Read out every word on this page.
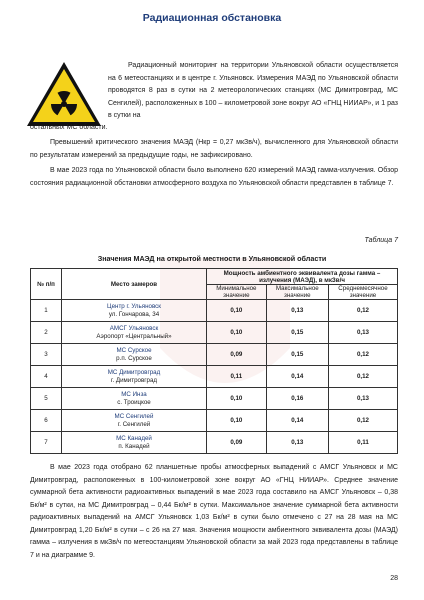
Радиационная обстановка
Радиационный мониторинг на территории Ульяновской области осуществляется на 6 метеостанциях и в центре г. Ульяновск. Измерения МАЭД по Ульяновской области проводятся 8 раз в сутки на 2 метеорологических станциях (МС Димитровград, МС Сенгилей), расположенных в 100 – километровой зоне вокруг АО «ГНЦ НИИАР», и 1 раз в сутки на
остальных МС области.
Превышений критического значения МАЭД (Нкр = 0,27 мкЗв/ч), вычисленного для Ульяновской области по результатам измерений за предыдущие годы, не зафиксировано.
В мае 2023 года по Ульяновской области было выполнено 620 измерений МАЭД гамма-излучения. Обзор состояния радиационной обстановки атмосферного воздуха по Ульяновской области представлен в таблице 7.
Таблица 7
Значения МАЭД на открытой местности в Ульяновской области
№ п/п	Место замеров	Мощность амбиентного эквивалента дозы гамма – излучения (МАЭД), в мкЗв/ч		
		Минимальное значение	Максимальное значение	Среднемесячное значение
1	Центр г. Ульяновск
ул. Гончарова, 34	0,10	0,13	0,12
2	АМСГ Ульяновск
Аэропорт «Центральный»	0,10	0,15	0,13
3	МС Сурское
р.п. Сурское	0,09	0,15	0,12
4	МС Димитровград
г. Димитровград	0,11	0,14	0,12
5	МС Инза
с. Троицкое	0,10	0,16	0,13
6	МС Сенгилей
г. Сенгилей	0,10	0,14	0,12
7	МС Канадей
п. Канадей	0,09	0,13	0,11
В мае 2023 года отобрано 62 планшетные пробы атмосферных выпадений с АМСГ Ульяновск и МС Димитровград, расположенных в 100-километровой зоне вокруг АО «ГНЦ НИИАР». Среднее значение суммарной бета активности радиоактивных выпадений в мае 2023 года составило на АМСГ Ульяновск – 0,38 Бк/м² в сутки, на МС Димитровград – 0,44 Бк/м² в сутки. Максимальное значение суммарной бета активности радиоактивных выпадений на АМСГ Ульяновск 1,03 Бк/м² в сутки было отмечено с 27 на 28 мая на МС Димитровград 1,20 Бк/м² в сутки – с 26 на 27 мая. Значения мощности амбиентного эквивалента дозы (МАЭД) гамма – излучения в мкЗв/ч по метеостанциям Ульяновской области за май 2023 года представлены в таблице 7 и на диаграмме 9.
28
